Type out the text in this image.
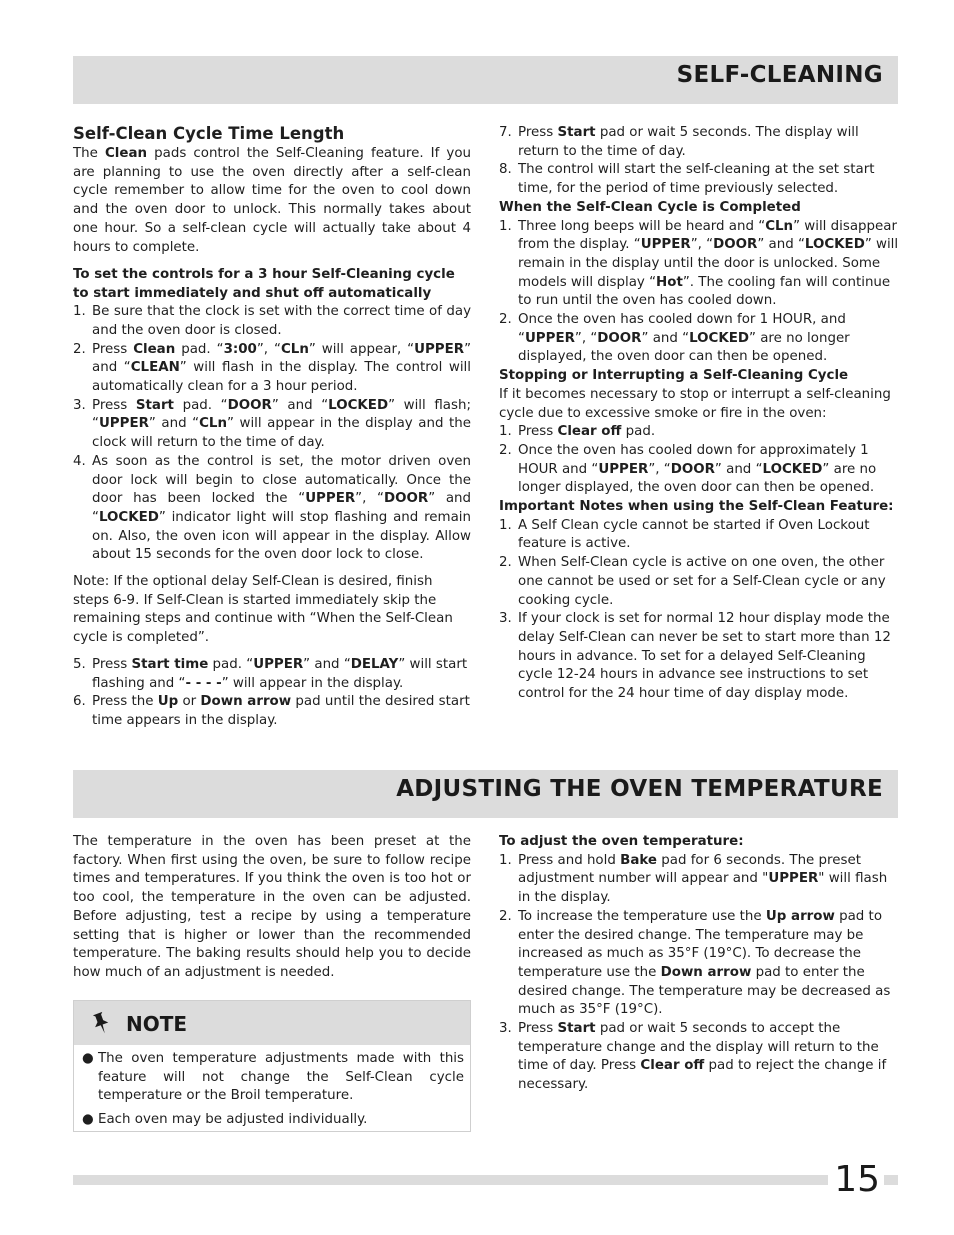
SELF-CLEANING

Self-Clean Cycle Time Length

The Clean pads control the Self-Cleaning feature. If you are planning to use the oven directly after a self-clean cycle remember to allow time for the oven to cool down and the oven door to unlock. This normally takes about one hour. So a self-clean cycle will actually take about 4 hours to complete.

To set the controls for a 3 hour Self-Cleaning cycle to start immediately and shut off automatically

1. Be sure that the clock is set with the correct time of day and the oven door is closed.
2. Press Clean pad. “3:00”, “CLn” will appear, “UPPER” and “CLEAN” will flash in the display. The control will automatically clean for a 3 hour period.
3. Press Start pad. “DOOR” and “LOCKED” will flash; “UPPER” and “CLn” will appear in the display and the clock will return to the time of day.
4. As soon as the control is set, the motor driven oven door lock will begin to close automatically. Once the door has been locked the “UPPER”, “DOOR” and “LOCKED” indicator light will stop flashing and remain on. Also, the oven icon will appear in the display. Allow about 15 seconds for the oven door lock to close.

Note: If the optional delay Self-Clean is desired, finish steps 6-9. If Self-Clean is started immediately skip the remaining steps and continue with “When the Self-Clean cycle is completed”.

5. Press Start time pad. “UPPER” and “DELAY” will start flashing and “- - - -” will appear in the display.
6. Press the Up or Down arrow pad until the desired start time appears in the display.
7. Press Start pad or wait 5 seconds. The display will return to the time of day.
8. The control will start the self-cleaning at the set start time, for the period of time previously selected.

When the Self-Clean Cycle is Completed

1. Three long beeps will be heard and “CLn” will disappear from the display. “UPPER”, “DOOR” and “LOCKED” will remain in the display until the door is unlocked. Some models will display “Hot”. The cooling fan will continue to run until the oven has cooled down.
2. Once the oven has cooled down for 1 HOUR, and “UPPER”, “DOOR” and “LOCKED” are no longer displayed, the oven door can then be opened.

Stopping or Interrupting a Self-Cleaning Cycle

If it becomes necessary to stop or interrupt a self-cleaning cycle due to excessive smoke or fire in the oven:

1. Press Clear off pad.
2. Once the oven has cooled down for approximately 1 HOUR and “UPPER”, “DOOR” and “LOCKED” are no longer displayed, the oven door can then be opened.

Important Notes when using the Self-Clean Feature:

1. A Self Clean cycle cannot be started if Oven Lockout feature is active.
2. When Self-Clean cycle is active on one oven, the other one cannot be used or set for a Self-Clean cycle or any cooking cycle.
3. If your clock is set for normal 12 hour display mode the delay Self-Clean can never be set to start more than 12 hours in advance. To set for a delayed Self-Cleaning cycle 12-24 hours in advance see instructions to set control for the 24 hour time of day display mode.
ADJUSTING THE OVEN TEMPERATURE
The temperature in the oven has been preset at the factory. When first using the oven, be sure to follow recipe times and temperatures. If you think the oven is too hot or too cool, the temperature in the oven can be adjusted. Before adjusting, test a recipe by using a temperature setting that is higher or lower than the recommended temperature. The baking results should help you to decide how much of an adjustment is needed.
NOTE
● The oven temperature adjustments made with this feature will not change the Self-Clean cycle temperature or the Broil temperature.
● Each oven may be adjusted individually.

To adjust the oven temperature:

1. Press and hold Bake pad for 6 seconds. The preset adjustment number will appear and "UPPER" will flash in the display.
2. To increase the temperature use the Up arrow pad to enter the desired change. The temperature may be increased as much as 35°F (19°C). To decrease the temperature use the Down arrow pad to enter the desired change. The temperature may be decreased as much as 35°F (19°C).
3. Press Start pad or wait 5 seconds to accept the temperature change and the display will return to the time of day. Press Clear off pad to reject the change if necessary.
15
